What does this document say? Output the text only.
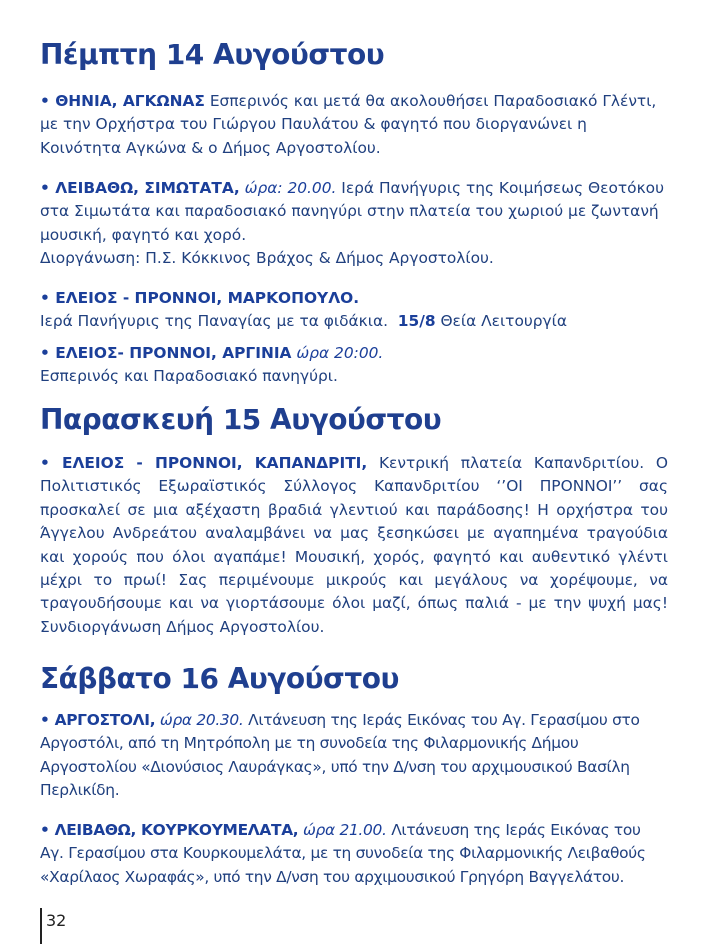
Πέμπτη 14 Αυγούστου

• ΘΗΝΙΑ, ΑΓΚΩΝΑΣ Εσπερινός και μετά θα ακολουθήσει Παραδοσιακό Γλέντι, με την Ορχήστρα του Γιώργου Παυλάτου & φαγητό που διοργανώνει η Κοινότητα Αγκώνα & ο Δήμος Αργοστολίου.

• ΛΕΙΒΑΘΩ, ΣΙΜΩΤΑΤΑ, ώρα: 20.00. Ιερά Πανήγυρις της Κοιμήσεως Θεοτόκου στα Σιμωτάτα και παραδοσιακό πανηγύρι στην πλατεία του χωριού με ζωντανή μουσική, φαγητό και χορό.
Διοργάνωση: Π.Σ. Κόκκινος Βράχος & Δήμος Αργοστολίου.

• ΕΛΕΙΟΣ - ΠΡΟΝΝΟΙ, ΜΑΡΚΟΠΟΥΛΟ.
Ιερά Πανήγυρις της Παναγίας με τα φιδάκια. 15/8 Θεία Λειτουργία

• ΕΛΕΙΟΣ- ΠΡΟΝΝΟΙ, ΑΡΓΙΝΙΑ ώρα 20:00.
Εσπερινός και Παραδοσιακό πανηγύρι.

Παρασκευή 15 Αυγούστου

• ΕΛΕΙΟΣ - ΠΡΟΝΝΟΙ, ΚΑΠΑΝΔΡΙΤΙ, Κεντρική πλατεία Καπανδριτίου. Ο Πολιτιστικός Εξωραϊστικός Σύλλογος Καπανδριτίου ‘’ΟΙ ΠΡΟΝΝΟΙ’’ σας προσκαλεί σε μια αξέχαστη βραδιά γλεντιού και παράδοσης! Η ορχήστρα του Άγγελου Ανδρεάτου αναλαμβάνει να μας ξεσηκώσει με αγαπημένα τραγούδια και χορούς που όλοι αγαπάμε! Μουσική, χορός, φαγητό και αυθεντικό γλέντι μέχρι το πρωί! Σας περιμένουμε μικρούς και μεγάλους να χορέψουμε, να τραγουδήσουμε και να γιορτάσουμε όλοι μαζί, όπως παλιά - με την ψυχή μας! Συνδιοργάνωση Δήμος Αργοστολίου.

Σάββατο 16 Αυγούστου

• ΑΡΓΟΣΤΟΛΙ, ώρα 20.30. Λιτάνευση της Ιεράς Εικόνας του Αγ. Γερασίμου στο Αργοστόλι, από τη Μητρόπολη με τη συνοδεία της Φιλαρμονικής Δήμου Αργοστολίου «Διονύσιος Λαυράγκας», υπό την Δ/νση του αρχιμουσικού Βασίλη Περλικίδη.

• ΛΕΙΒΑΘΩ, ΚΟΥΡΚΟΥΜΕΛΑΤΑ, ώρα 21.00. Λιτάνευση της Ιεράς Εικόνας του Αγ. Γερασίμου στα Κουρκουμελάτα, με τη συνοδεία της Φιλαρμονικής Λειβαθούς «Χαρίλαος Χωραφάς», υπό την Δ/νση του αρχιμουσικού Γρηγόρη Βαγγελάτου.

32
